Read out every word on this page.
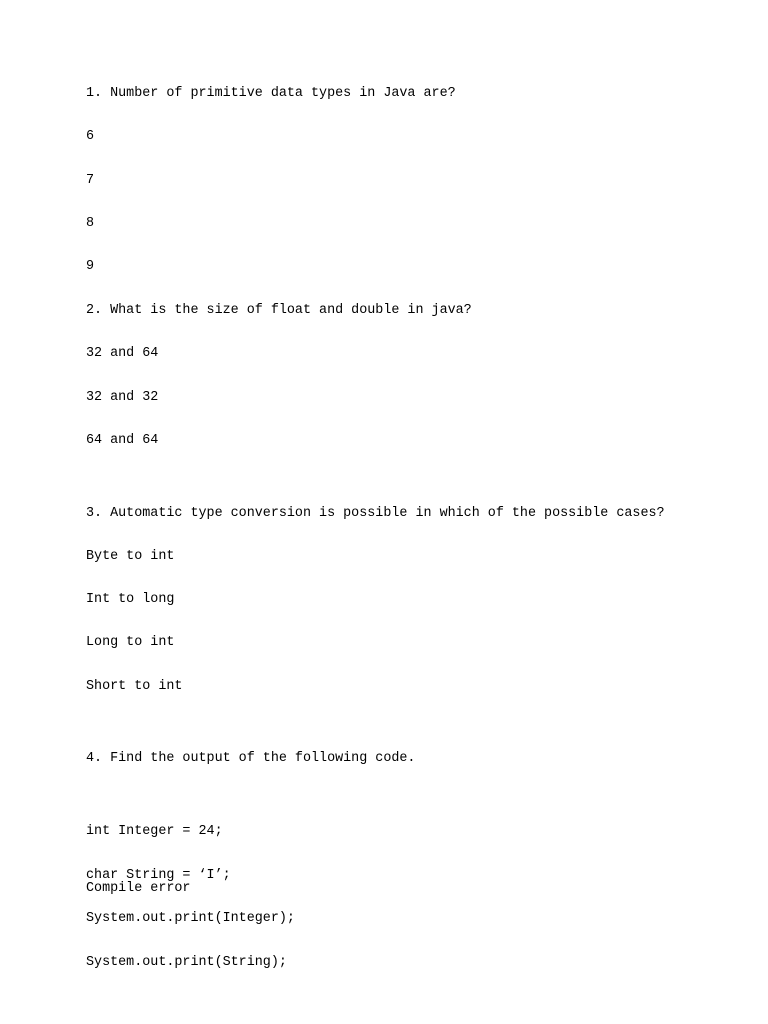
1. Number of primitive data types in Java are?

6

7

8

9

2. What is the size of float and double in java?

32 and 64

32 and 32

64 and 64

3. Automatic type conversion is possible in which of the possible cases?

Byte to int

Int to long

Long to int

Short to int

4. Find the output of the following code.

int Integer = 24;

char String = ‘I’;

System.out.print(Integer);

System.out.print(String);

Compile error
